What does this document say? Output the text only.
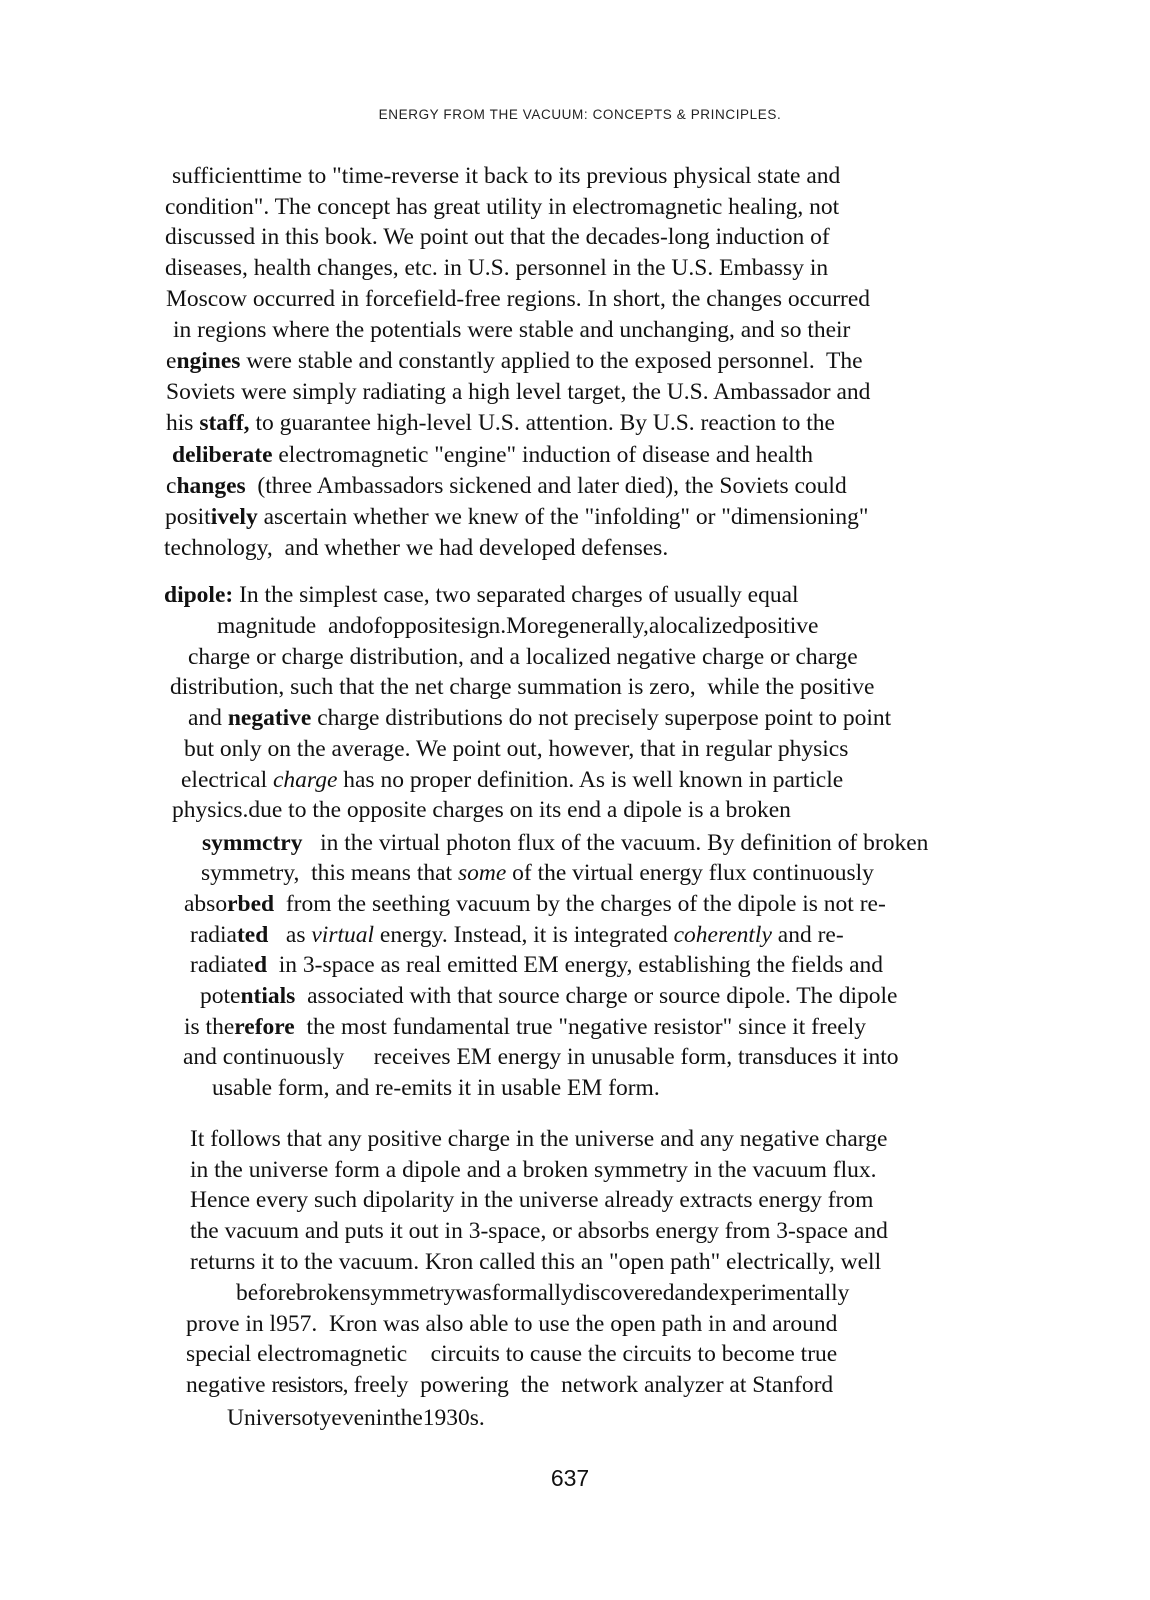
ENERGY FROM THE VACUUM: CONCEPTS & PRINCIPLES.
sufficienttime to "time-reverse it back to its previous physical state and
condition". The concept has great utility in electromagnetic healing, not
discussed in this book. We point out that the decades-long induction of
diseases, health changes, etc. in U.S. personnel in the U.S. Embassy in
Moscow occurred in forcefield-free regions. In short, the changes occurred
in regions where the potentials were stable and unchanging, and so their
engines were stable and constantly applied to the exposed personnel.  The
Soviets were simply radiating a high level target, the U.S. Ambassador and
his staff, to guarantee high-level U.S. attention. By U.S. reaction to the
deliberate electromagnetic "engine" induction of disease and health
changes  (three Ambassadors sickened and later died), the Soviets could
positively ascertain whether we knew of the "infolding" or "dimensioning"
technology,  and whether we had developed defenses.
dipole: In the simplest case, two separated charges of usually equal
magnitude  andofoppositesign.Moregenerally,alocalizedpositive
charge or charge distribution, and a localized negative charge or charge
distribution, such that the net charge summation is zero,  while the positive
and negative charge distributions do not precisely superpose point to point
but only on the average. We point out, however, that in regular physics
electrical charge has no proper definition. As is well known in particle
physics.due to the opposite charges on its end a dipole is a broken
symmctry   in the virtual photon flux of the vacuum. By definition of broken
symmetry,  this means that some of the virtual energy flux continuously
absorbed  from the seething vacuum by the charges of the dipole is not re-
radiated   as virtual energy. Instead, it is integrated coherently and re-
radiated  in 3-space as real emitted EM energy, establishing the fields and
potentials  associated with that source charge or source dipole. The dipole
is therefore  the most fundamental true "negative resistor" since it freely
and continuously     receives EM energy in unusable form, transduces it into
usable form, and re-emits it in usable EM form.
It follows that any positive charge in the universe and any negative charge
in the universe form a dipole and a broken symmetry in the vacuum flux.
Hence every such dipolarity in the universe already extracts energy from
the vacuum and puts it out in 3-space, or absorbs energy from 3-space and
returns it to the vacuum. Kron called this an "open path" electrically, well
beforebrokensymmetrywasformallydiscoveredandexperimentally
prove in l957.  Kron was also able to use the open path in and around
special electromagnetic    circuits to cause the circuits to become true
negative resistors, freely  powering  the  network analyzer at Stanford
Universotyeveninthe1930s.
637
